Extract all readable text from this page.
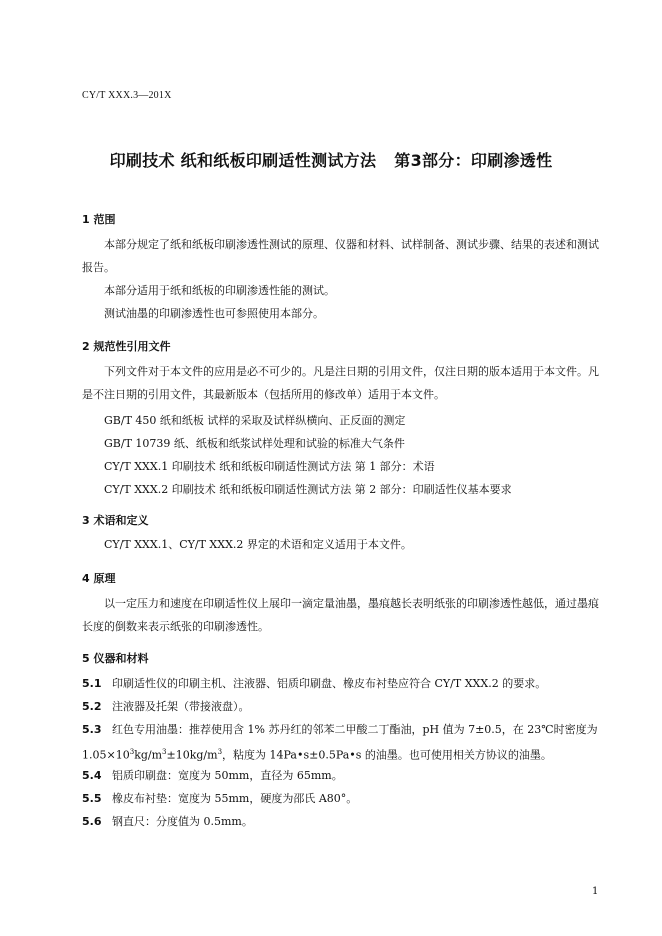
CY/T XXX.3—201X
印刷技术 纸和纸板印刷适性测试方法 第3部分：印刷渗透性
1 范围
本部分规定了纸和纸板印刷渗透性测试的原理、仪器和材料、试样制备、测试步骤、结果的表述和测试报告。
本部分适用于纸和纸板的印刷渗透性能的测试。
测试油墨的印刷渗透性也可参照使用本部分。
2 规范性引用文件
下列文件对于本文件的应用是必不可少的。凡是注日期的引用文件，仅注日期的版本适用于本文件。凡是不注日期的引用文件，其最新版本（包括所用的修改单）适用于本文件。
GB/T 450 纸和纸板 试样的采取及试样纵横向、正反面的测定
GB/T 10739 纸、纸板和纸浆试样处理和试验的标准大气条件
CY/T XXX.1 印刷技术 纸和纸板印刷适性测试方法 第 1 部分：术语
CY/T XXX.2 印刷技术 纸和纸板印刷适性测试方法 第 2 部分：印刷适性仪基本要求
3 术语和定义
CY/T XXX.1、CY/T XXX.2 界定的术语和定义适用于本文件。
4 原理
以一定压力和速度在印刷适性仪上展印一滴定量油墨，墨痕越长表明纸张的印刷渗透性越低，通过墨痕长度的倒数来表示纸张的印刷渗透性。
5 仪器和材料
5.1 印刷适性仪的印刷主机、注液器、铝质印刷盘、橡皮布衬垫应符合 CY/T XXX.2 的要求。
5.2 注液器及托架（带接液盘）。
5.3 红色专用油墨：推荐使用含 1% 苏丹红的邻苯二甲酸二丁酯油，pH 值为 7±0.5，在 23℃时密度为
$1.05\times 10^3kg/m^3\pm 10kg/m^3$，粘度为 14Pa•s±0.5Pa•s 的油墨。也可使用相关方协议的油墨。
5.4 铝质印刷盘：宽度为 50mm，直径为 65mm。
5.5 橡皮布衬垫：宽度为 55mm，硬度为邵氏 A80°。
5.6 钢直尺：分度值为 0.5mm。
1
